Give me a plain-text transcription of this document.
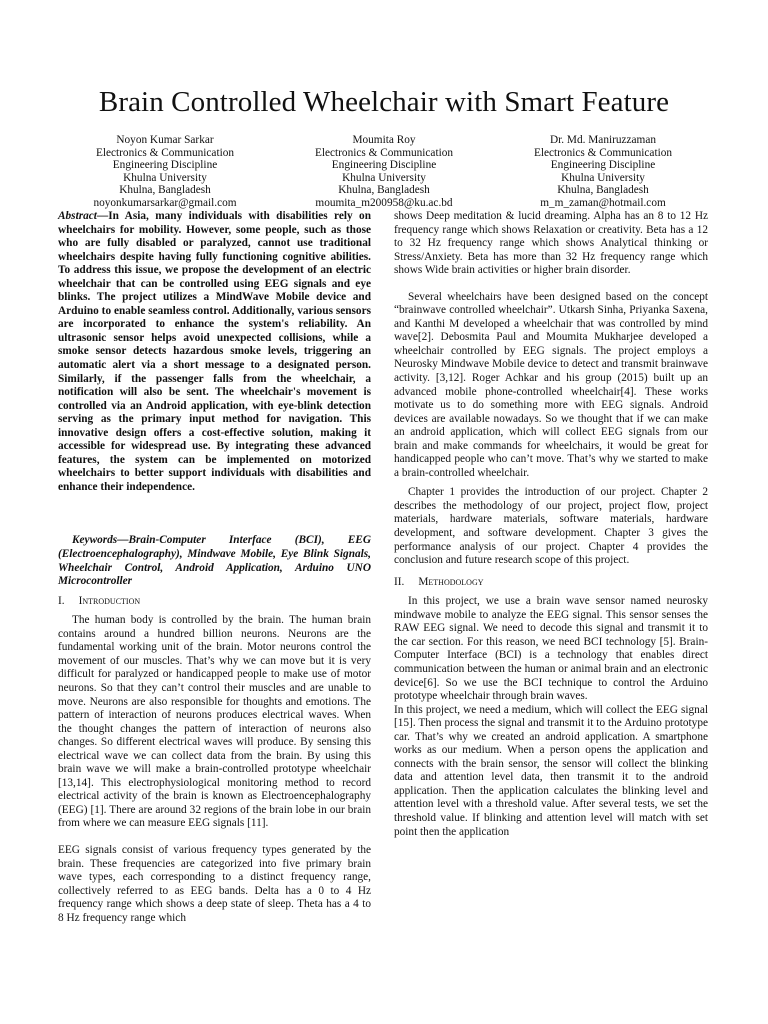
Brain Controlled Wheelchair with Smart Feature
Noyon Kumar Sarkar
Electronics & Communication
Engineering Discipline
Khulna University
Khulna, Bangladesh
noyonkumarsarkar@gmail.com
Moumita Roy
Electronics & Communication
Engineering Discipline
Khulna University
Khulna, Bangladesh
moumita_m200958@ku.ac.bd
Dr. Md. Maniruzzaman
Electronics & Communication
Engineering Discipline
Khulna University
Khulna, Bangladesh
m_m_zaman@hotmail.com

Abstract—In Asia, many individuals with disabilities rely on wheelchairs for mobility. However, some people, such as those who are fully disabled or paralyzed, cannot use traditional wheelchairs despite having fully functioning cognitive abilities. To address this issue, we propose the development of an electric wheelchair that can be controlled using EEG signals and eye blinks. The project utilizes a MindWave Mobile device and Arduino to enable seamless control. Additionally, various sensors are incorporated to enhance the system's reliability. An ultrasonic sensor helps avoid unexpected collisions, while a smoke sensor detects hazardous smoke levels, triggering an automatic alert via a short message to a designated person. Similarly, if the passenger falls from the wheelchair, a notification will also be sent. The wheelchair's movement is controlled via an Android application, with eye-blink detection serving as the primary input method for navigation. This innovative design offers a cost-effective solution, making it accessible for widespread use. By integrating these advanced features, the system can be implemented on motorized wheelchairs to better support individuals with disabilities and enhance their independence.

Keywords—Brain-Computer Interface (BCI), EEG (Electroencephalography), Mindwave Mobile, Eye Blink Signals, Wheelchair Control, Android Application, Arduino UNO Microcontroller

I. Introduction

The human body is controlled by the brain. The human brain contains around a hundred billion neurons. Neurons are the fundamental working unit of the brain. Motor neurons control the movement of our muscles. That’s why we can move but it is very difficult for paralyzed or handicapped people to make use of motor neurons. So that they can’t control their muscles and are unable to move. Neurons are also responsible for thoughts and emotions. The pattern of interaction of neurons produces electrical waves. When the thought changes the pattern of interaction of neurons also changes. So different electrical waves will produce. By sensing this electrical wave we can collect data from the brain. By using this brain wave we will make a brain-controlled prototype wheelchair [13,14]. This electrophysiological monitoring method to record electrical activity of the brain is known as Electroencephalography (EEG) [1]. There are around 32 regions of the brain lobe in our brain from where we can measure EEG signals [11].

EEG signals consist of various frequency types generated by the brain. These frequencies are categorized into five primary brain wave types, each corresponding to a distinct frequency range, collectively referred to as EEG bands. Delta has a 0 to 4 Hz frequency range which shows a deep state of sleep. Theta has a 4 to 8 Hz frequency range which

shows Deep meditation & lucid dreaming. Alpha has an 8 to 12 Hz frequency range which shows Relaxation or creativity. Beta has a 12 to 32 Hz frequency range which shows Analytical thinking or Stress/Anxiety. Beta has more than 32 Hz frequency range which shows Wide brain activities or higher brain disorder.

Several wheelchairs have been designed based on the concept “brainwave controlled wheelchair”. Utkarsh Sinha, Priyanka Saxena, and Kanthi M developed a wheelchair that was controlled by mind wave[2]. Debosmita Paul and Moumita Mukharjee developed a wheelchair controlled by EEG signals. The project employs a Neurosky Mindwave Mobile device to detect and transmit brainwave activity. [3,12]. Roger Achkar and his group (2015) built up an advanced mobile phone-controlled wheelchair[4]. These works motivate us to do something more with EEG signals. Android devices are available nowadays. So we thought that if we can make an android application, which will collect EEG signals from our brain and make commands for wheelchairs, it would be great for handicapped people who can’t move. That’s why we started to make a brain-controlled wheelchair.

Chapter 1 provides the introduction of our project. Chapter 2 describes the methodology of our project, project flow, project materials, hardware materials, software materials, hardware development, and software development. Chapter 3 gives the performance analysis of our project. Chapter 4 provides the conclusion and future research scope of this project.

II. Methodology

In this project, we use a brain wave sensor named neurosky mindwave mobile to analyze the EEG signal. This sensor senses the RAW EEG signal. We need to decode this signal and transmit it to the car section. For this reason, we need BCI technology [5]. Brain-Computer Interface (BCI) is a technology that enables direct communication between the human or animal brain and an electronic device[6]. So we use the BCI technique to control the Arduino prototype wheelchair through brain waves.

In this project, we need a medium, which will collect the EEG signal [15]. Then process the signal and transmit it to the Arduino prototype car. That’s why we created an android application. A smartphone works as our medium. When a person opens the application and connects with the brain sensor, the sensor will collect the blinking data and attention level data, then transmit it to the android application. Then the application calculates the blinking level and attention level with a threshold value. After several tests, we set the threshold value. If blinking and attention level will match with set point then the application
